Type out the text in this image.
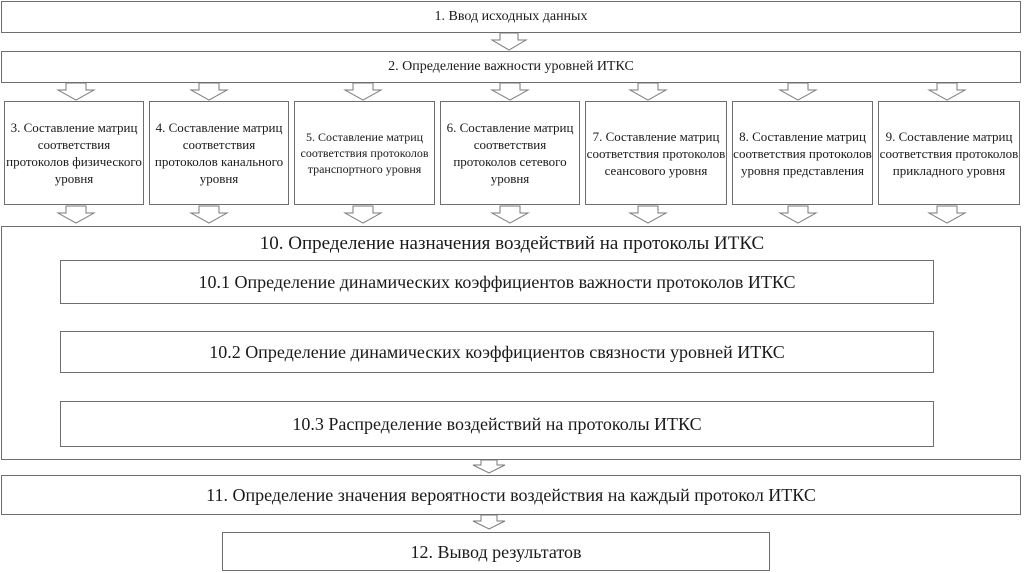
1. Ввод исходных данных
2. Определение важности уровней ИТКС
3. Составление матриц соответствия протоколов физического уровня
4. Составление матриц соответствия протоколов канального уровня
5. Составление матриц соответствия протоколов транспортного уровня
6. Составление матриц соответствия протоколов сетевого уровня
7. Составление матриц соответствия протоколов сеансового уровня
8. Составление матриц соответствия протоколов уровня представления
9. Составление матриц соответствия протоколов прикладного уровня
10. Определение назначения воздействий на протоколы ИТКС
10.1 Определение динамических коэффициентов важности протоколов ИТКС
10.2 Определение динамических коэффициентов связности уровней ИТКС
10.3 Распределение воздействий на протоколы ИТКС
11. Определение значения вероятности воздействия на каждый протокол ИТКС
12. Вывод результатов
